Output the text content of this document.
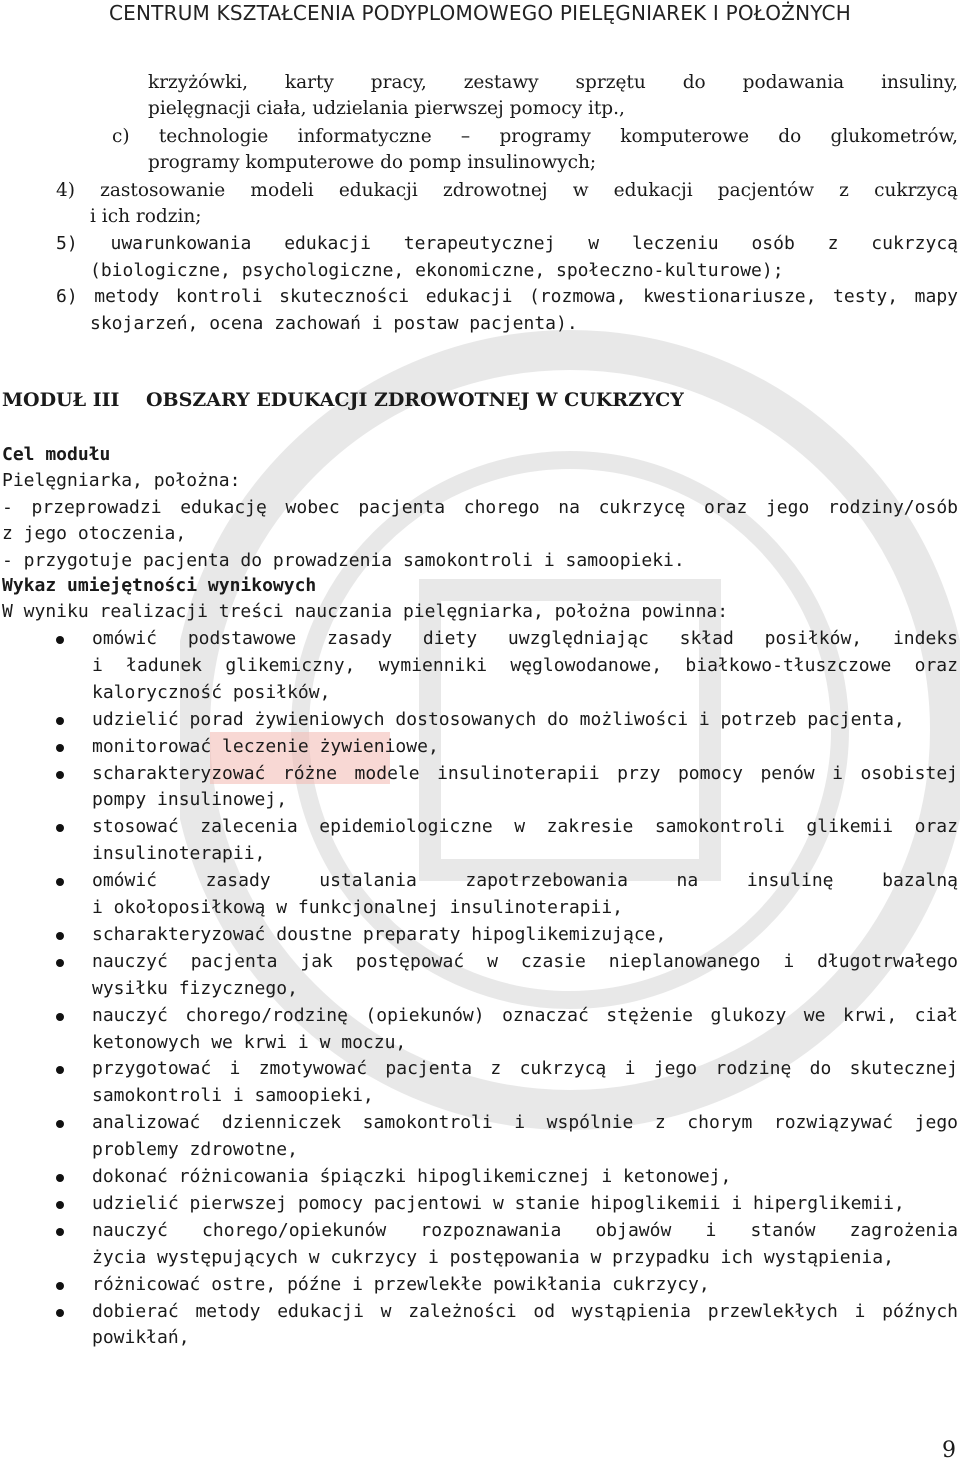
CENTRUM KSZTAŁCENIA PODYPLOMOWEGO PIELĘGNIAREK I POŁOŻNYCH
krzyżówki, karty pracy, zestawy sprzętu do podawania insuliny,
pielęgnacji ciała, udzielania pierwszej pomocy itp.,
c) technologie informatyczne – programy komputerowe do glukometrów,
programy komputerowe do pomp insulinowych;
4) zastosowanie modeli edukacji zdrowotnej w edukacji pacjentów z cukrzycą
i ich rodzin;
5) uwarunkowania edukacji terapeutycznej w leczeniu osób z cukrzycą
(biologiczne, psychologiczne, ekonomiczne, społeczno-kulturowe);
6) metody kontroli skuteczności edukacji (rozmowa, kwestionariusze, testy, mapy
skojarzeń, ocena zachowań i postaw pacjenta).
MODUŁ III OBSZARY EDUKACJI ZDROWOTNEJ W CUKRZYCY
Cel modułu
Pielęgniarka, położna:
- przeprowadzi edukację wobec pacjenta chorego na cukrzycę oraz jego rodziny/osób
z jego otoczenia,
- przygotuje pacjenta do prowadzenia samokontroli i samoopieki.
Wykaz umiejętności wynikowych
W wyniku realizacji treści nauczania pielęgniarka, położna powinna:
omówić podstawowe zasady diety uwzględniając skład posiłków, indeks
i ładunek glikemiczny, wymienniki węglowodanowe, białkowo-tłuszczowe oraz
kaloryczność posiłków,
udzielić porad żywieniowych dostosowanych do możliwości i potrzeb pacjenta,
monitorować leczenie żywieniowe,
scharakteryzować różne modele insulinoterapii przy pomocy penów i osobistej
pompy insulinowej,
stosować zalecenia epidemiologiczne w zakresie samokontroli glikemii oraz
insulinoterapii,
omówić zasady ustalania zapotrzebowania na insulinę bazalną
i okołoposiłkową w funkcjonalnej insulinoterapii,
scharakteryzować doustne preparaty hipoglikemizujące,
nauczyć pacjenta jak postępować w czasie nieplanowanego i długotrwałego
wysiłku fizycznego,
nauczyć chorego/rodzinę (opiekunów) oznaczać stężenie glukozy we krwi, ciał
ketonowych we krwi i w moczu,
przygotować i zmotywować pacjenta z cukrzycą i jego rodzinę do skutecznej
samokontroli i samoopieki,
analizować dzienniczek samokontroli i wspólnie z chorym rozwiązywać jego
problemy zdrowotne,
dokonać różnicowania śpiączki hipoglikemicznej i ketonowej,
udzielić pierwszej pomocy pacjentowi w stanie hipoglikemii i hiperglikemii,
nauczyć chorego/opiekunów rozpoznawania objawów i stanów zagrożenia
życia występujących w cukrzycy i postępowania w przypadku ich wystąpienia,
różnicować ostre, późne i przewlekłe powikłania cukrzycy,
dobierać metody edukacji w zależności od wystąpienia przewlekłych i późnych
powikłań,
9
